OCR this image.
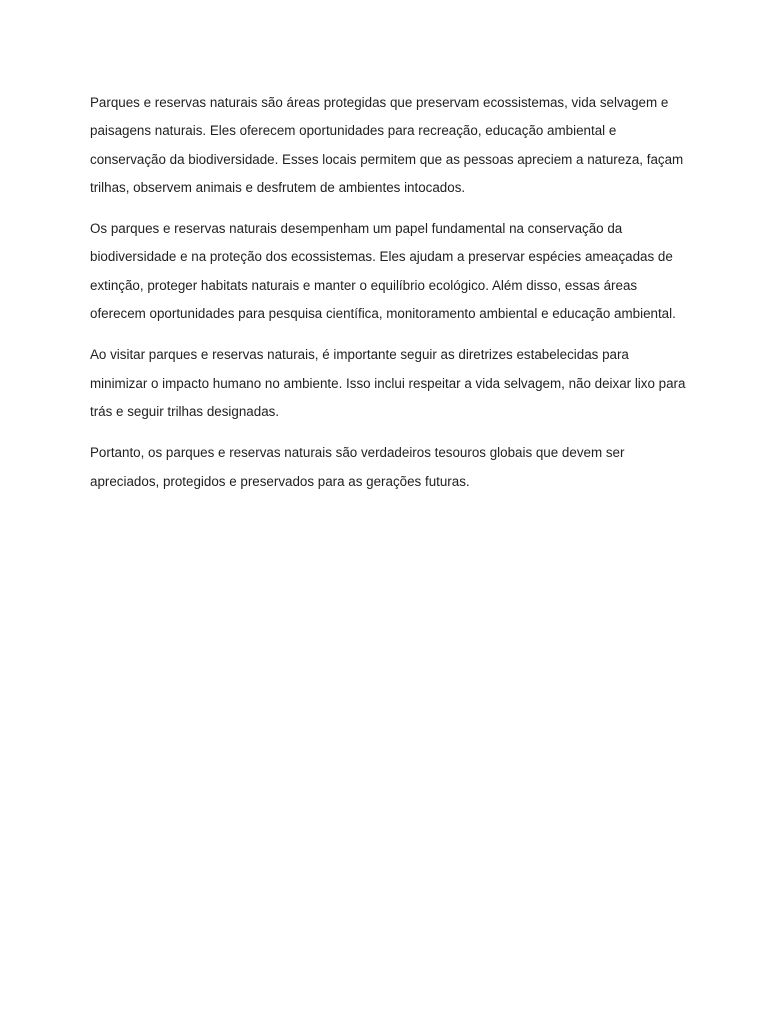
Parques e reservas naturais são áreas protegidas que preservam ecossistemas, vida selvagem e paisagens naturais. Eles oferecem oportunidades para recreação, educação ambiental e conservação da biodiversidade. Esses locais permitem que as pessoas apreciem a natureza, façam trilhas, observem animais e desfrutem de ambientes intocados.

Os parques e reservas naturais desempenham um papel fundamental na conservação da biodiversidade e na proteção dos ecossistemas. Eles ajudam a preservar espécies ameaçadas de extinção, proteger habitats naturais e manter o equilíbrio ecológico. Além disso, essas áreas oferecem oportunidades para pesquisa científica, monitoramento ambiental e educação ambiental.

Ao visitar parques e reservas naturais, é importante seguir as diretrizes estabelecidas para minimizar o impacto humano no ambiente. Isso inclui respeitar a vida selvagem, não deixar lixo para trás e seguir trilhas designadas.

Portanto, os parques e reservas naturais são verdadeiros tesouros globais que devem ser apreciados, protegidos e preservados para as gerações futuras.
